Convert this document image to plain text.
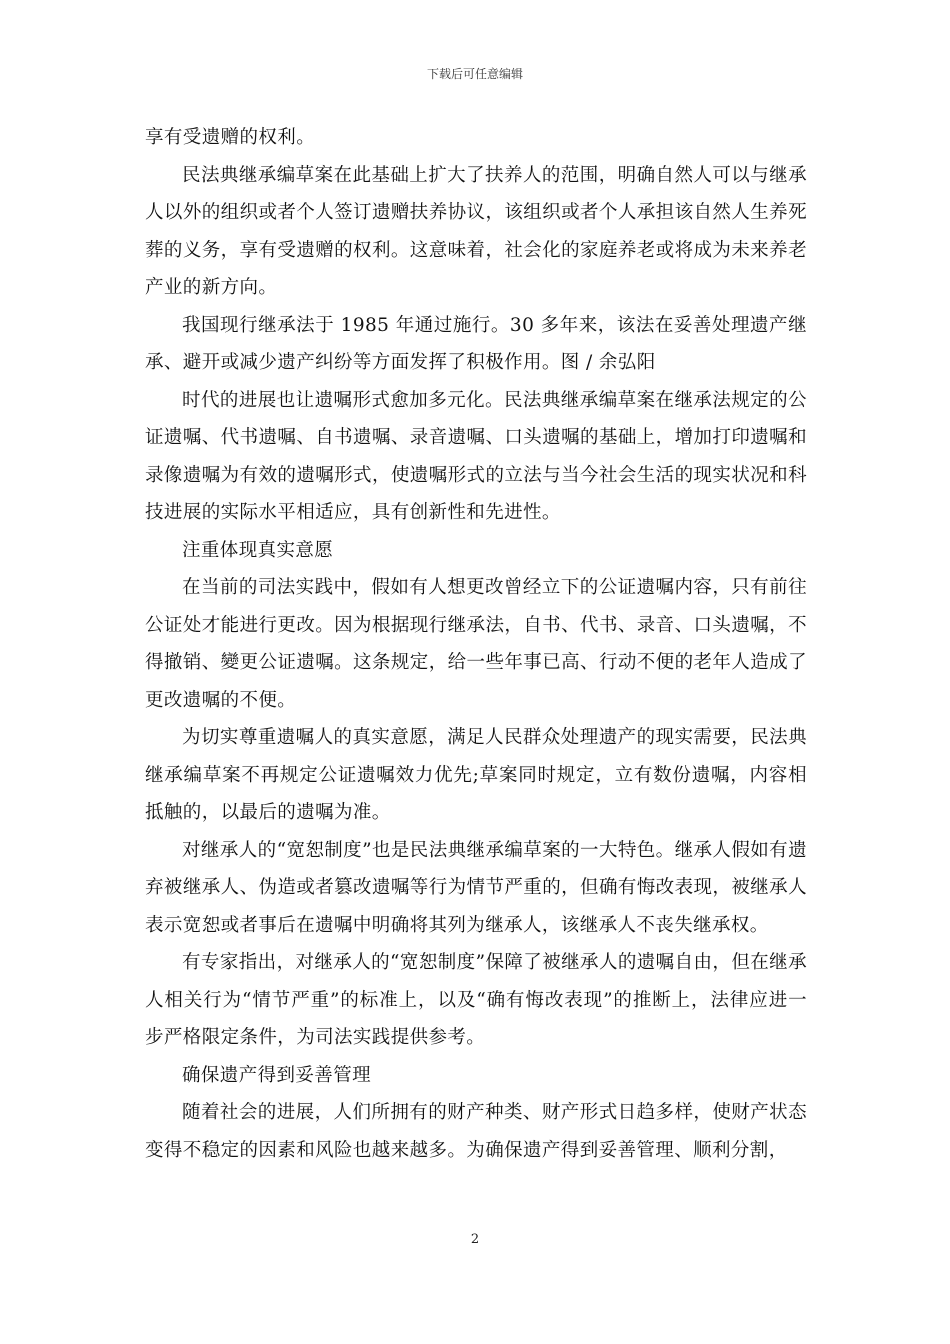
下载后可任意编辑

享有受遗赠的权利。

民法典继承编草案在此基础上扩大了扶养人的范围，明确自然人可以与继承人以外的组织或者个人签订遗赠扶养协议，该组织或者个人承担该自然人生养死葬的义务，享有受遗赠的权利。这意味着，社会化的家庭养老或将成为未来养老产业的新方向。

我国现行继承法于 1985 年通过施行。30 多年来，该法在妥善处理遗产继承、避开或减少遗产纠纷等方面发挥了积极作用。图 / 余弘阳

时代的进展也让遗嘱形式愈加多元化。民法典继承编草案在继承法规定的公证遗嘱、代书遗嘱、自书遗嘱、录音遗嘱、口头遗嘱的基础上，增加打印遗嘱和录像遗嘱为有效的遗嘱形式，使遗嘱形式的立法与当今社会生活的现实状况和科技进展的实际水平相适应，具有创新性和先进性。

注重体现真实意愿

在当前的司法实践中，假如有人想更改曾经立下的公证遗嘱内容，只有前往公证处才能进行更改。因为根据现行继承法，自书、代书、录音、口头遗嘱，不得撤销、變更公证遗嘱。这条规定，给一些年事已高、行动不便的老年人造成了更改遗嘱的不便。

为切实尊重遗嘱人的真实意愿，满足人民群众处理遗产的现实需要，民法典继承编草案不再规定公证遗嘱效力优先;草案同时规定，立有数份遗嘱，内容相抵触的，以最后的遗嘱为准。

对继承人的“宽恕制度”也是民法典继承编草案的一大特色。继承人假如有遗弃被继承人、伪造或者篡改遗嘱等行为情节严重的，但确有悔改表现，被继承人表示宽恕或者事后在遗嘱中明确将其列为继承人，该继承人不丧失继承权。

有专家指出，对继承人的“宽恕制度”保障了被继承人的遗嘱自由，但在继承人相关行为“情节严重”的标准上，以及“确有悔改表现”的推断上，法律应进一步严格限定条件，为司法实践提供参考。

确保遗产得到妥善管理

随着社会的进展，人们所拥有的财产种类、财产形式日趋多样，使财产状态变得不稳定的因素和风险也越来越多。为确保遗产得到妥善管理、顺利分割，

2
